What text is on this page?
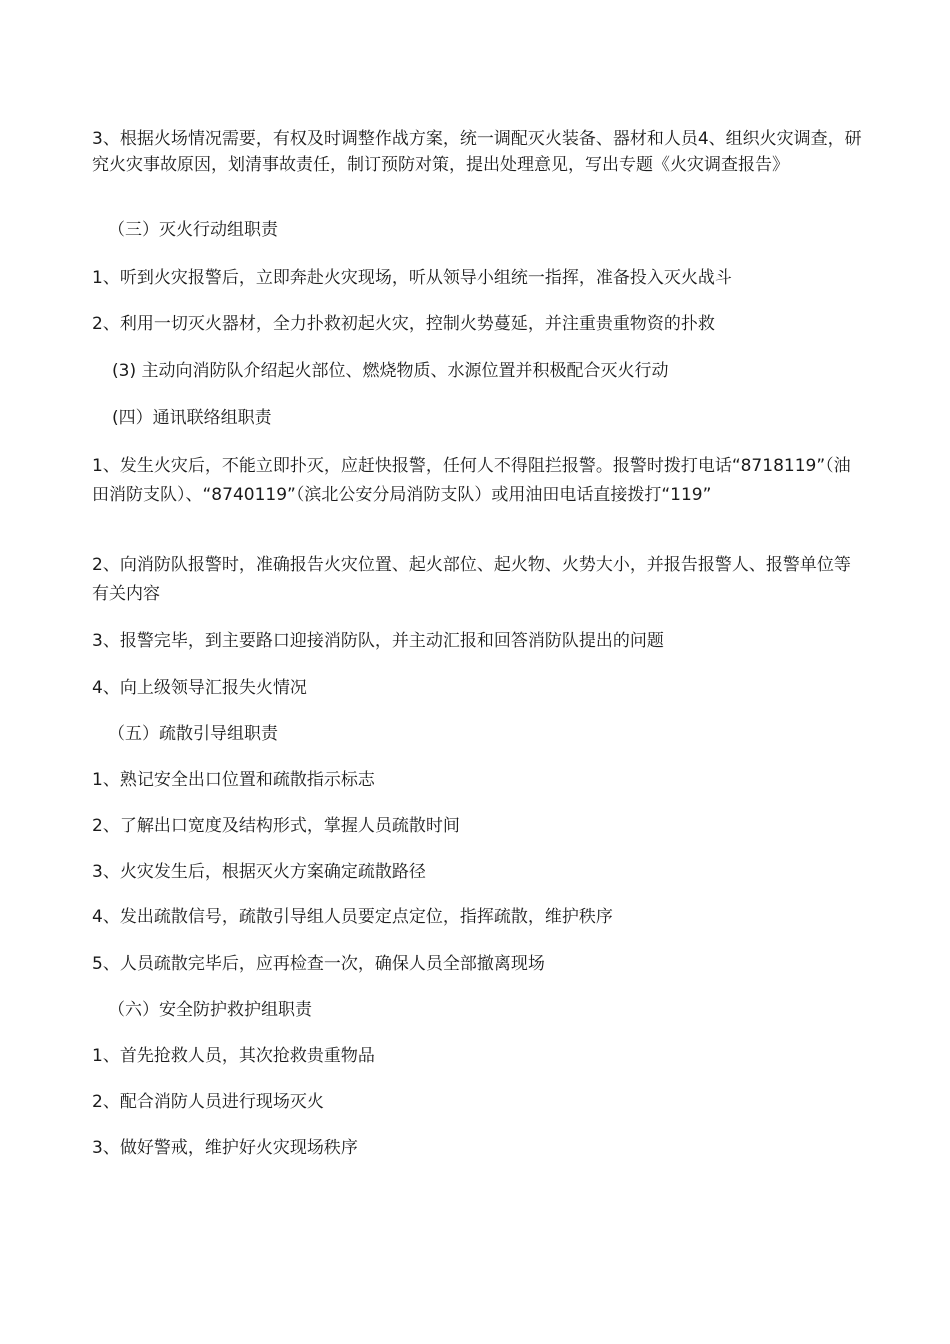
3、根据火场情况需要，有权及时调整作战方案，统一调配灭火装备、器材和人员4、组织火灾调查，研究火灾事故原因，划清事故责任，制订预防对策，提出处理意见，写出专题《火灾调查报告》

（三）灭火行动组职责

1、听到火灾报警后，立即奔赴火灾现场，听从领导小组统一指挥，准备投入灭火战斗

2、利用一切灭火器材，全力扑救初起火灾，控制火势蔓延，并注重贵重物资的扑救

(3) 主动向消防队介绍起火部位、燃烧物质、水源位置并积极配合灭火行动

(四）通讯联络组职责

1、发生火灾后，不能立即扑灭，应赶快报警，任何人不得阻拦报警。报警时拨打电话“8718119”（油田消防支队）、“8740119”（滨北公安分局消防支队）或用油田电话直接拨打“119”

2、向消防队报警时，准确报告火灾位置、起火部位、起火物、火势大小，并报告报警人、报警单位等有关内容

3、报警完毕，到主要路口迎接消防队，并主动汇报和回答消防队提出的问题

4、向上级领导汇报失火情况

（五）疏散引导组职责

1、熟记安全出口位置和疏散指示标志

2、了解出口宽度及结构形式，掌握人员疏散时间

3、火灾发生后，根据灭火方案确定疏散路径

4、发出疏散信号，疏散引导组人员要定点定位，指挥疏散，维护秩序

5、人员疏散完毕后，应再检查一次，确保人员全部撤离现场

（六）安全防护救护组职责

1、首先抢救人员，其次抢救贵重物品

2、配合消防人员进行现场灭火

3、做好警戒，维护好火灾现场秩序
